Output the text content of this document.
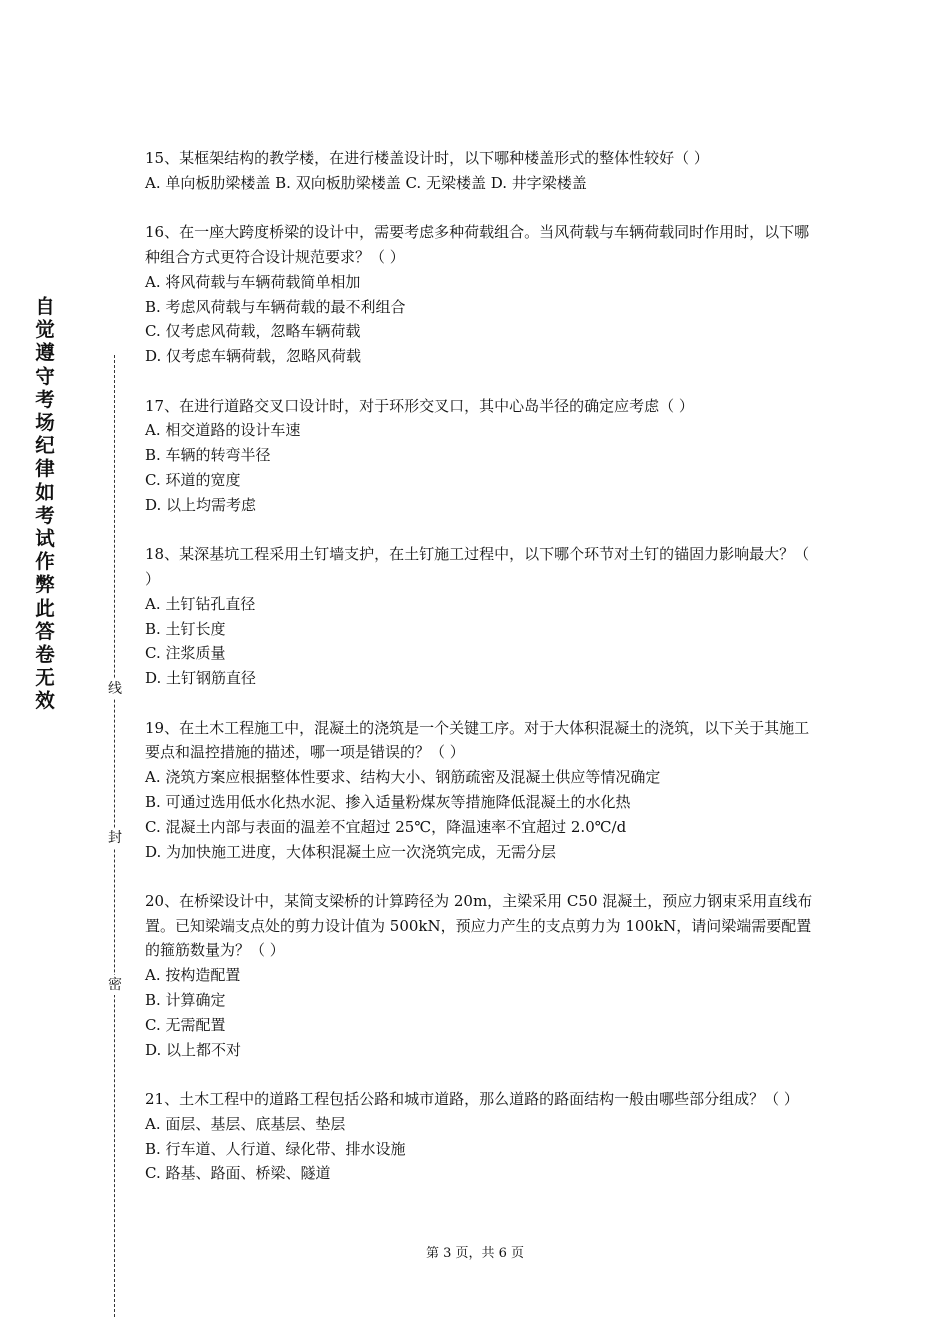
自觉遵守考场纪律如考试作弊此答卷无效
线
封
密

15、某框架结构的教学楼，在进行楼盖设计时，以下哪种楼盖形式的整体性较好（ ）

A. 单向板肋梁楼盖 B. 双向板肋梁楼盖 C. 无梁楼盖 D. 井字梁楼盖

16、在一座大跨度桥梁的设计中，需要考虑多种荷载组合。当风荷载与车辆荷载同时作用时，以下哪种组合方式更符合设计规范要求？（ ）

A. 将风荷载与车辆荷载简单相加

B. 考虑风荷载与车辆荷载的最不利组合

C. 仅考虑风荷载，忽略车辆荷载

D. 仅考虑车辆荷载，忽略风荷载

17、在进行道路交叉口设计时，对于环形交叉口，其中心岛半径的确定应考虑（ ）

A. 相交道路的设计车速

B. 车辆的转弯半径

C. 环道的宽度

D. 以上均需考虑

18、某深基坑工程采用土钉墙支护，在土钉施工过程中，以下哪个环节对土钉的锚固力影响最大？（ ）

A. 土钉钻孔直径

B. 土钉长度

C. 注浆质量

D. 土钉钢筋直径

19、在土木工程施工中，混凝土的浇筑是一个关键工序。对于大体积混凝土的浇筑，以下关于其施工要点和温控措施的描述，哪一项是错误的？（ ）

A. 浇筑方案应根据整体性要求、结构大小、钢筋疏密及混凝土供应等情况确定

B. 可通过选用低水化热水泥、掺入适量粉煤灰等措施降低混凝土的水化热

C. 混凝土内部与表面的温差不宜超过 25℃，降温速率不宜超过 2.0℃/d

D. 为加快施工进度，大体积混凝土应一次浇筑完成，无需分层

20、在桥梁设计中，某简支梁桥的计算跨径为 20m，主梁采用 C50 混凝土，预应力钢束采用直线布置。已知梁端支点处的剪力设计值为 500kN，预应力产生的支点剪力为 100kN，请问梁端需要配置的箍筋数量为？（ ）

A. 按构造配置

B. 计算确定

C. 无需配置

D. 以上都不对

21、土木工程中的道路工程包括公路和城市道路，那么道路的路面结构一般由哪些部分组成？（ ）

A. 面层、基层、底基层、垫层

B. 行车道、人行道、绿化带、排水设施

C. 路基、路面、桥梁、隧道

第 3 页，共 6 页
